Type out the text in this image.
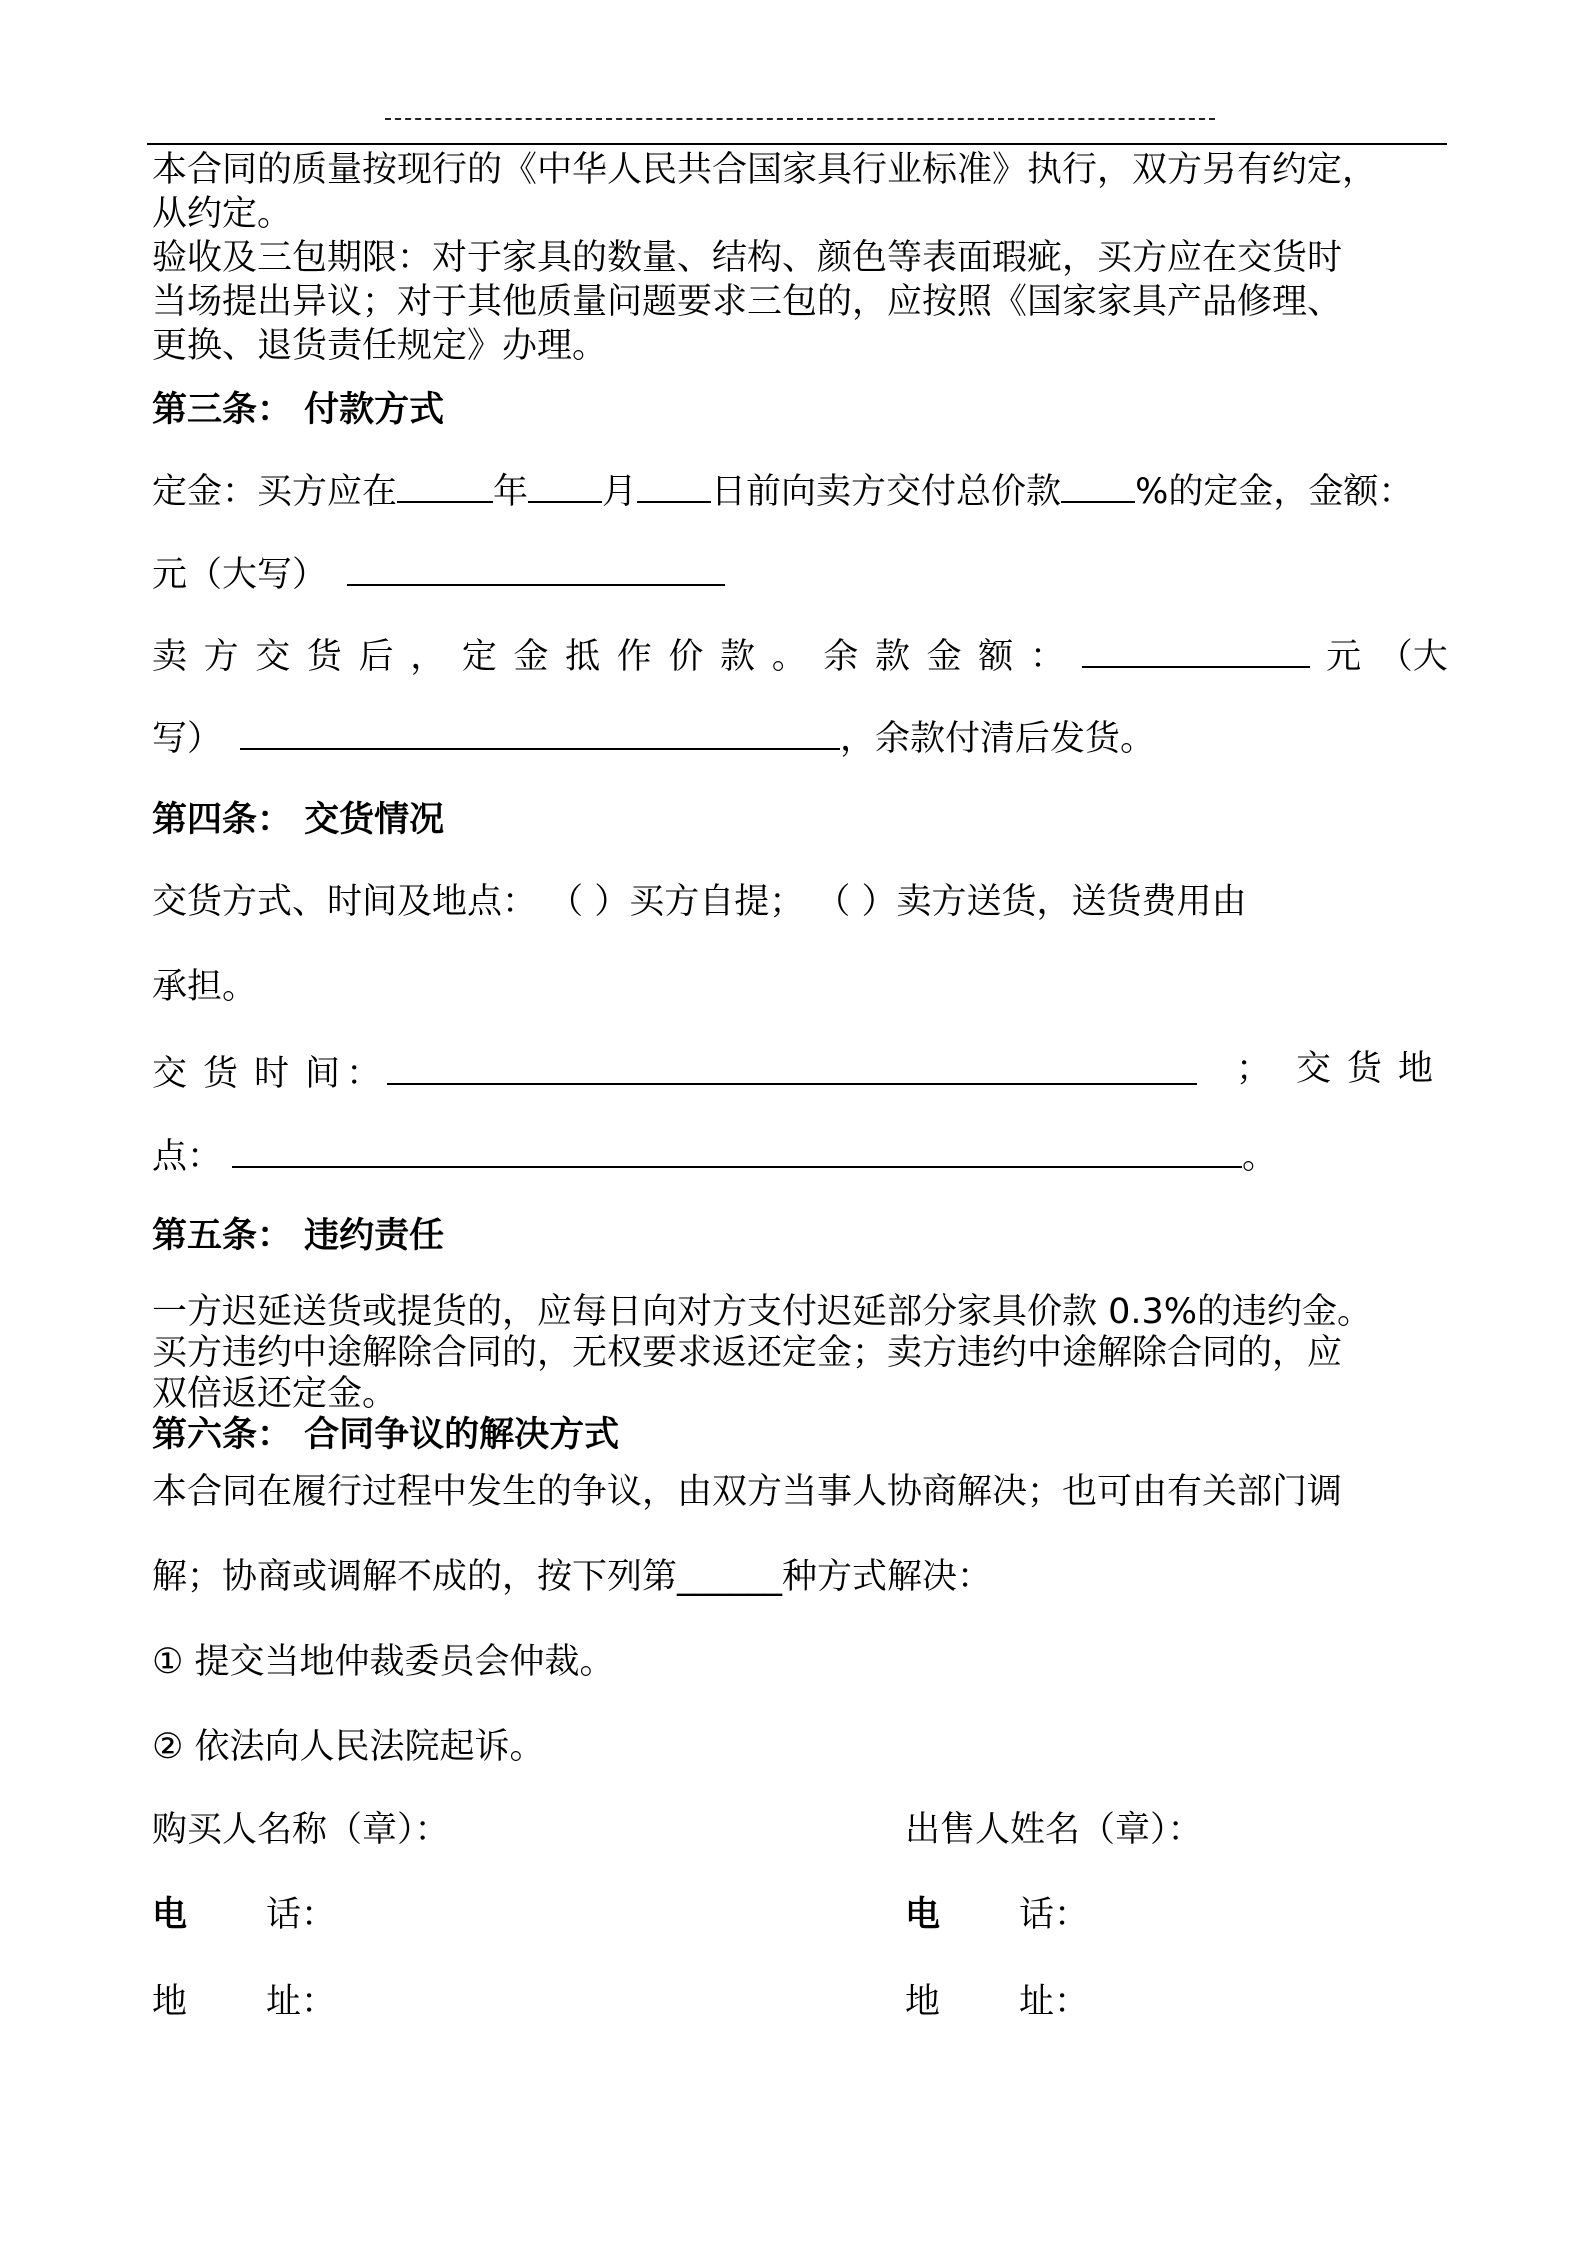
本合同的质量按现行的《中华人民共合国家具行业标准》执行，双方另有约定，
从约定。
验收及三包期限：对于家具的数量、结构、颜色等表面瑕疵，买方应在交货时
当场提出异议；对于其他质量问题要求三包的，应按照《国家家具产品修理、
更换、退货责任规定》办理。
第三条： 付款方式
定金：买方应在	年 月 日前向卖方交付总价款 %的定金，金额：
元（大写）
卖 方 交 货 后 ， 定 金 抵 作 价 款 。 余 款 金 额 ：	元 （大
写）	，余款付清后发货。
第四条： 交货情况
交货方式、时间及地点： （ ）买方自提； （ ）卖方送货，送货费用由
承担。
交 货 时 间 ：	； 交 货 地
点：	。
第五条： 违约责任
一方迟延送货或提货的，应每日向对方支付迟延部分家具价款 0.3%的违约金。
买方违约中途解除合同的，无权要求返还定金；卖方违约中途解除合同的，应
双倍返还定金。
第六条： 合同争议的解决方式
本合同在履行过程中发生的争议，由双方当事人协商解决；也可由有关部门调
解；协商或调解不成的，按下列第______种方式解决：
① 提交当地仲裁委员会仲裁。
② 依法向人民法院起诉。
购买人名称（章）：	出售人姓名（章）：
电 话：	电 话：
地 址：	地 址：
